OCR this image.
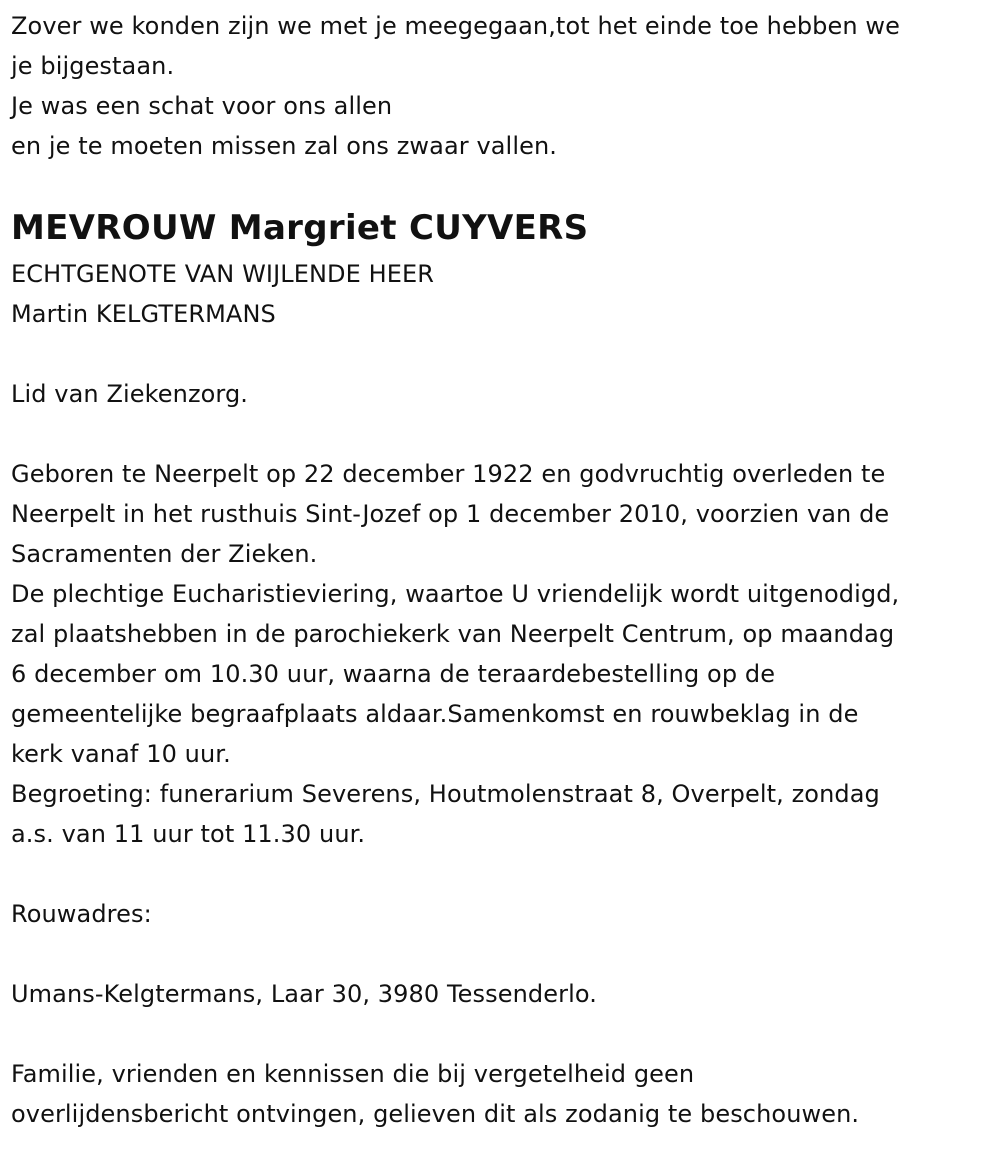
Zover we konden zijn we met je meegegaan,tot het einde toe hebben we
je bijgestaan.
Je was een schat voor ons allen
en je te moeten missen zal ons zwaar vallen.
MEVROUW Margriet CUYVERS
ECHTGENOTE VAN WIJLENDE HEER
Martin KELGTERMANS
Lid van Ziekenzorg.
Geboren te Neerpelt op 22 december 1922 en godvruchtig overleden te
Neerpelt in het rusthuis Sint-Jozef op 1 december 2010, voorzien van de
Sacramenten der Zieken.
De plechtige Eucharistieviering, waartoe U vriendelijk wordt uitgenodigd,
zal plaatshebben in de parochiekerk van Neerpelt Centrum, op maandag
6 december om 10.30 uur, waarna de teraardebestelling op de
gemeentelijke begraafplaats aldaar.Samenkomst en rouwbeklag in de
kerk vanaf 10 uur.
Begroeting: funerarium Severens, Houtmolenstraat 8, Overpelt, zondag
a.s. van 11 uur tot 11.30 uur.
Rouwadres:
Umans-Kelgtermans, Laar 30, 3980 Tessenderlo.
Familie, vrienden en kennissen die bij vergetelheid geen
overlijdensbericht ontvingen, gelieven dit als zodanig te beschouwen.
